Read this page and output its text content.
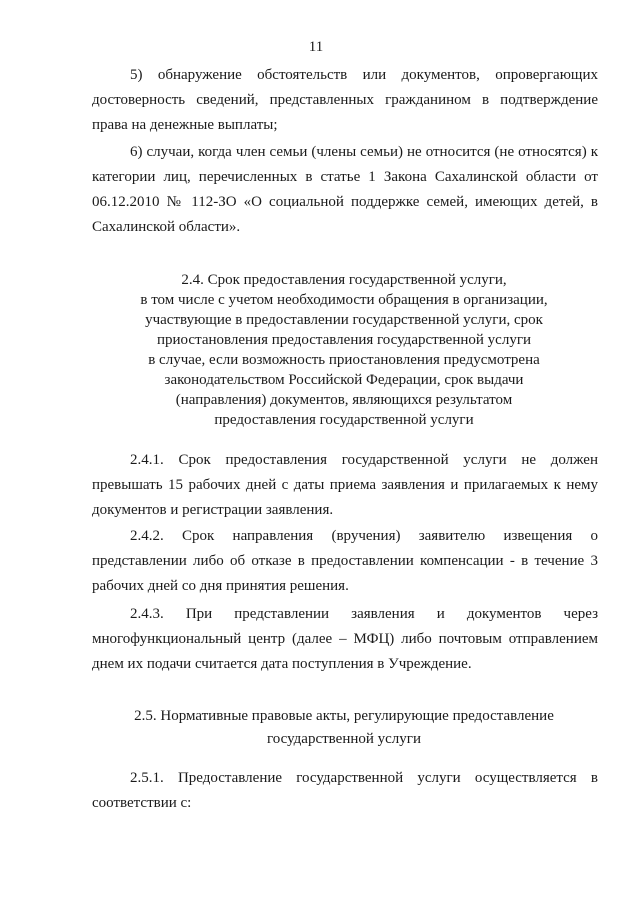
11
5) обнаружение обстоятельств или документов, опровергающих достоверность сведений, представленных гражданином в подтверждение права на денежные выплаты;
6) случаи, когда член семьи (члены семьи) не относится (не относятся) к категории лиц, перечисленных в статье 1 Закона Сахалинской области от 06.12.2010 № 112-ЗО «О социальной поддержке семей, имеющих детей, в Сахалинской области».
2.4. Срок предоставления государственной услуги,
в том числе с учетом необходимости обращения в организации,
участвующие в предоставлении государственной услуги, срок
приостановления предоставления государственной услуги
в случае, если возможность приостановления предусмотрена
законодательством Российской Федерации, срок выдачи
(направления) документов, являющихся результатом
предоставления государственной услуги
2.4.1. Срок предоставления государственной услуги не должен превышать 15 рабочих дней с даты приема заявления и прилагаемых к нему документов и регистрации заявления.
2.4.2. Срок направления (вручения) заявителю извещения о представлении либо об отказе в предоставлении компенсации - в течение 3 рабочих дней со дня принятия решения.
2.4.3. При представлении заявления и документов через многофункциональный центр (далее – МФЦ) либо почтовым отправлением днем их подачи считается дата поступления в Учреждение.
2.5. Нормативные правовые акты, регулирующие предоставление
государственной услуги
2.5.1. Предоставление государственной услуги осуществляется в соответствии с:
